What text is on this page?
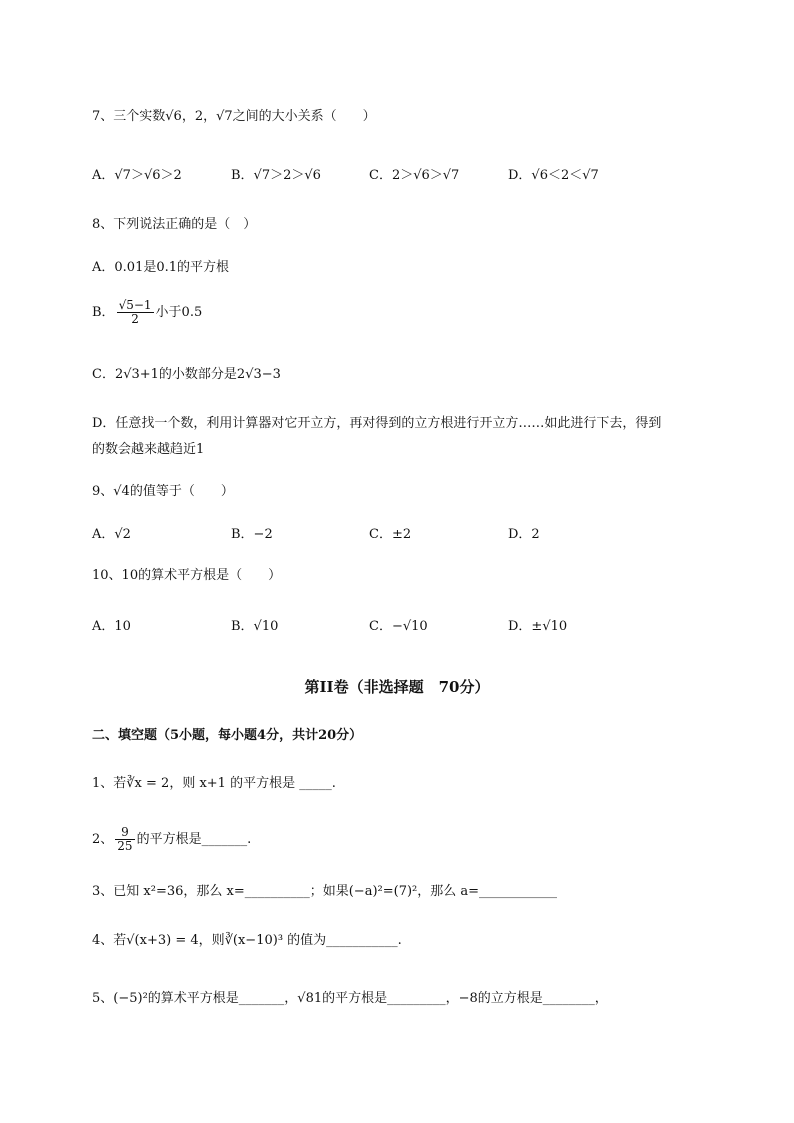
7、三个实数√6，2，√7之间的大小关系（　　）
A．√7＞√6＞2	B．√7＞2＞√6	C．2＞√6＞√7	D．√6＜2＜√7
8、下列说法正确的是（　）
A．0.01是0.1的平方根
B． $\frac{√5-1}{2}$ 小于0.5
C．2√3+1的小数部分是2√3−3
D．任意找一个数，利用计算器对它开立方，再对得到的立方根进行开立方……如此进行下去，得到
的数会越来越趋近1
9、√4的值等于（　　）
A．√2	B．−2	C．±2	D．2
10、10的算术平方根是（　　）
A．10	B．√10	C．−√10	D．±√10
第II卷（非选择题　70分）
二、填空题（5小题，每小题4分，共计20分）
1、若∛x = 2，则 x+1 的平方根是 _____.
2、 $\frac{9}{25}$ 的平方根是_______.
3、已知 x²=36，那么 x=__________；如果(−a)²=(7)²，那么 a=____________
4、若√(x+3) = 4，则∛(x−10)³ 的值为___________.
5、(−5)²的算术平方根是_______，√81的平方根是_________，−8的立方根是________，
